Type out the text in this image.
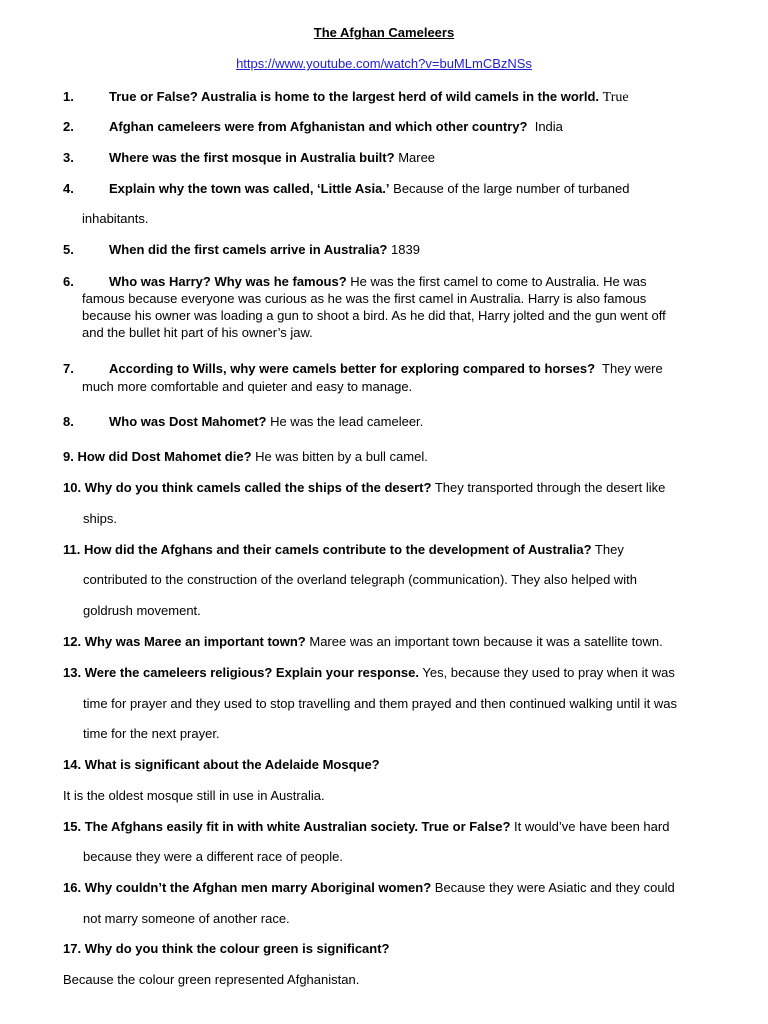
The Afghan Cameleers
https://www.youtube.com/watch?v=buMLmCBzNSs
1.	True or False? Australia is home to the largest herd of wild camels in the world. True
2.	Afghan cameleers were from Afghanistan and which other country? India
3.	Where was the first mosque in Australia built? Maree
4.	Explain why the town was called, ‘Little Asia.’ Because of the large number of turbaned
inhabitants.
5.	When did the first camels arrive in Australia? 1839
6.	Who was Harry? Why was he famous? He was the first camel to come to Australia. He was
famous because everyone was curious as he was the first camel in Australia. Harry is also famous
because his owner was loading a gun to shoot a bird. As he did that, Harry jolted and the gun went off
and the bullet hit part of his owner’s jaw.
7.	According to Wills, why were camels better for exploring compared to horses? They were
much more comfortable and quieter and easy to manage.
8.	Who was Dost Mahomet? He was the lead cameleer.
9. How did Dost Mahomet die? He was bitten by a bull camel.
10. Why do you think camels called the ships of the desert? They transported through the desert like
ships.
11. How did the Afghans and their camels contribute to the development of Australia? They
contributed to the construction of the overland telegraph (communication). They also helped with
goldrush movement.
12. Why was Maree an important town? Maree was an important town because it was a satellite town.
13. Were the cameleers religious? Explain your response. Yes, because they used to pray when it was
time for prayer and they used to stop travelling and them prayed and then continued walking until it was
time for the next prayer.
14. What is significant about the Adelaide Mosque?
It is the oldest mosque still in use in Australia.
15. The Afghans easily fit in with white Australian society. True or False? It would’ve have been hard
because they were a different race of people.
16. Why couldn’t the Afghan men marry Aboriginal women? Because they were Asiatic and they could
not marry someone of another race.
17. Why do you think the colour green is significant?
Because the colour green represented Afghanistan.
